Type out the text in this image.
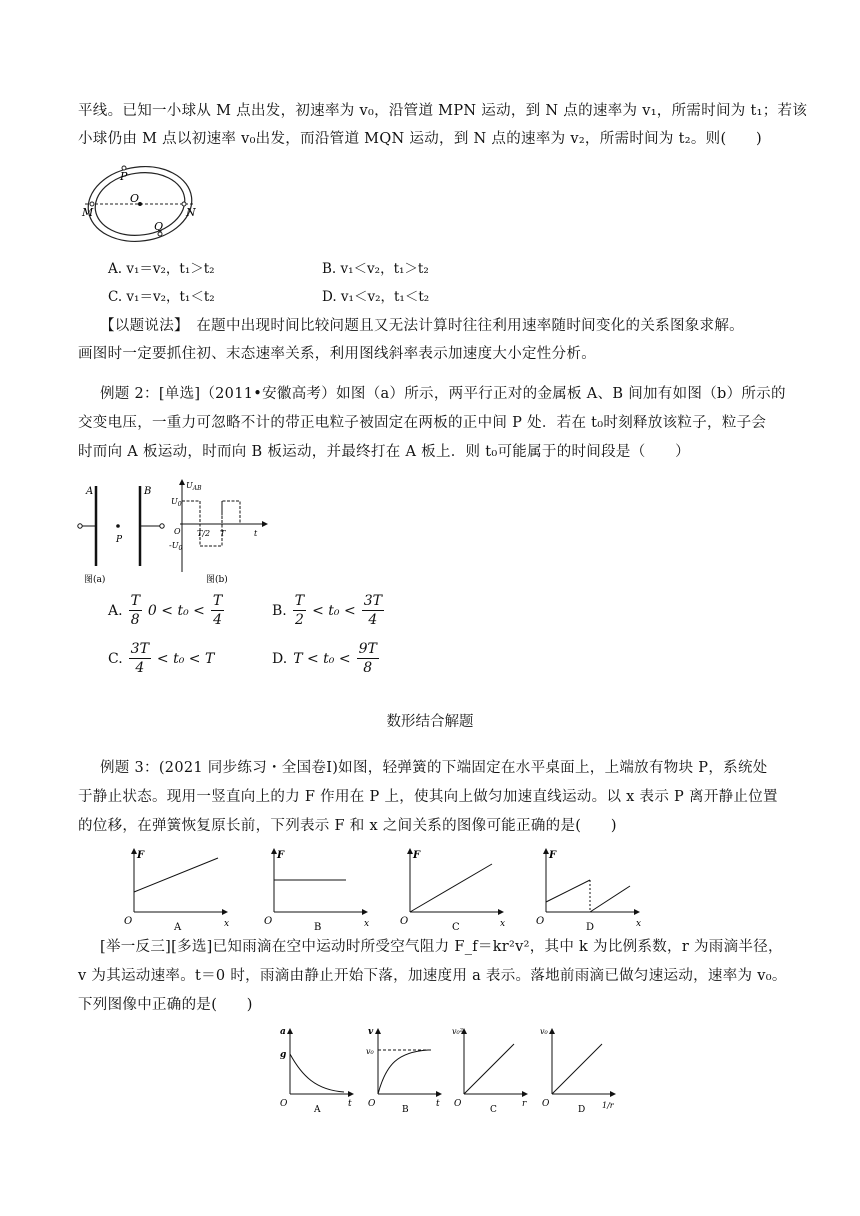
平线。已知一小球从 M 点出发，初速率为 v₀，沿管道 MPN 运动，到 N 点的速率为 v₁，所需时间为 t₁；若该
小球仍由 M 点以初速率 v₀出发，而沿管道 MQN 运动，到 N 点的速率为 v₂，所需时间为 t₂。则(　　)
P
O
M	N
Q
A. v₁＝v₂，t₁＞t₂	B. v₁＜v₂，t₁＞t₂
C. v₁＝v₂，t₁＜t₂	D. v₁＜v₂，t₁＜t₂
【以题说法】　在题中出现时间比较问题且又无法计算时往往利用速率随时间变化的关系图象求解。
画图时一定要抓住初、末态速率关系，利用图线斜率表示加速度大小定性分析。
例题 2：[单选]（2011•安徽高考）如图（a）所示，两平行正对的金属板 A、B 间加有如图（b）所示的
交变电压，一重力可忽略不计的带正电粒子被固定在两板的正中间 P 处．若在 t₀时刻释放该粒子，粒子会
时而向 A 板运动，时而向 B 板运动，并最终打在 A 板上．则 t₀可能属于的时间段是（　　）
A	B
P
图(a)
$U_{AB}$
$U_0$
$-U_0$
O T/2 T	t
图(b)
A. $\frac{T}{8} 0 < t_0 < \frac{T}{4}$	B. $\frac{T}{2} < t_0 < \frac{3T}{4}$
C. $\frac{3T}{4} < t_0 < T$	D. $T < t_0 < \frac{9T}{8}$
数形结合解题
例题 3：(2021 同步练习・全国卷Ⅰ)如图，轻弹簧的下端固定在水平桌面上，上端放有物块 P，系统处
于静止状态。现用一竖直向上的力 F 作用在 P 上，使其向上做匀加速直线运动。以 x 表示 P 离开静止位置
的位移，在弹簧恢复原长前，下列表示 F 和 x 之间关系的图像可能正确的是(　　)
F
x
O
A
F
x
O
B
F
x
O
C
F
x
O
D
[举一反三][多选]已知雨滴在空中运动时所受空气阻力 F_f＝kr²v²，其中 k 为比例系数，r 为雨滴半径，
v 为其运动速率。t＝0 时，雨滴由静止开始下落，加速度用 a 表示。落地前雨滴已做匀速运动，速率为 v₀。
下列图像中正确的是(　　)
a
g
t
O
A
v
v₀
t
O
B
v₀²
r
O
C
v₀
1/r
O
D
